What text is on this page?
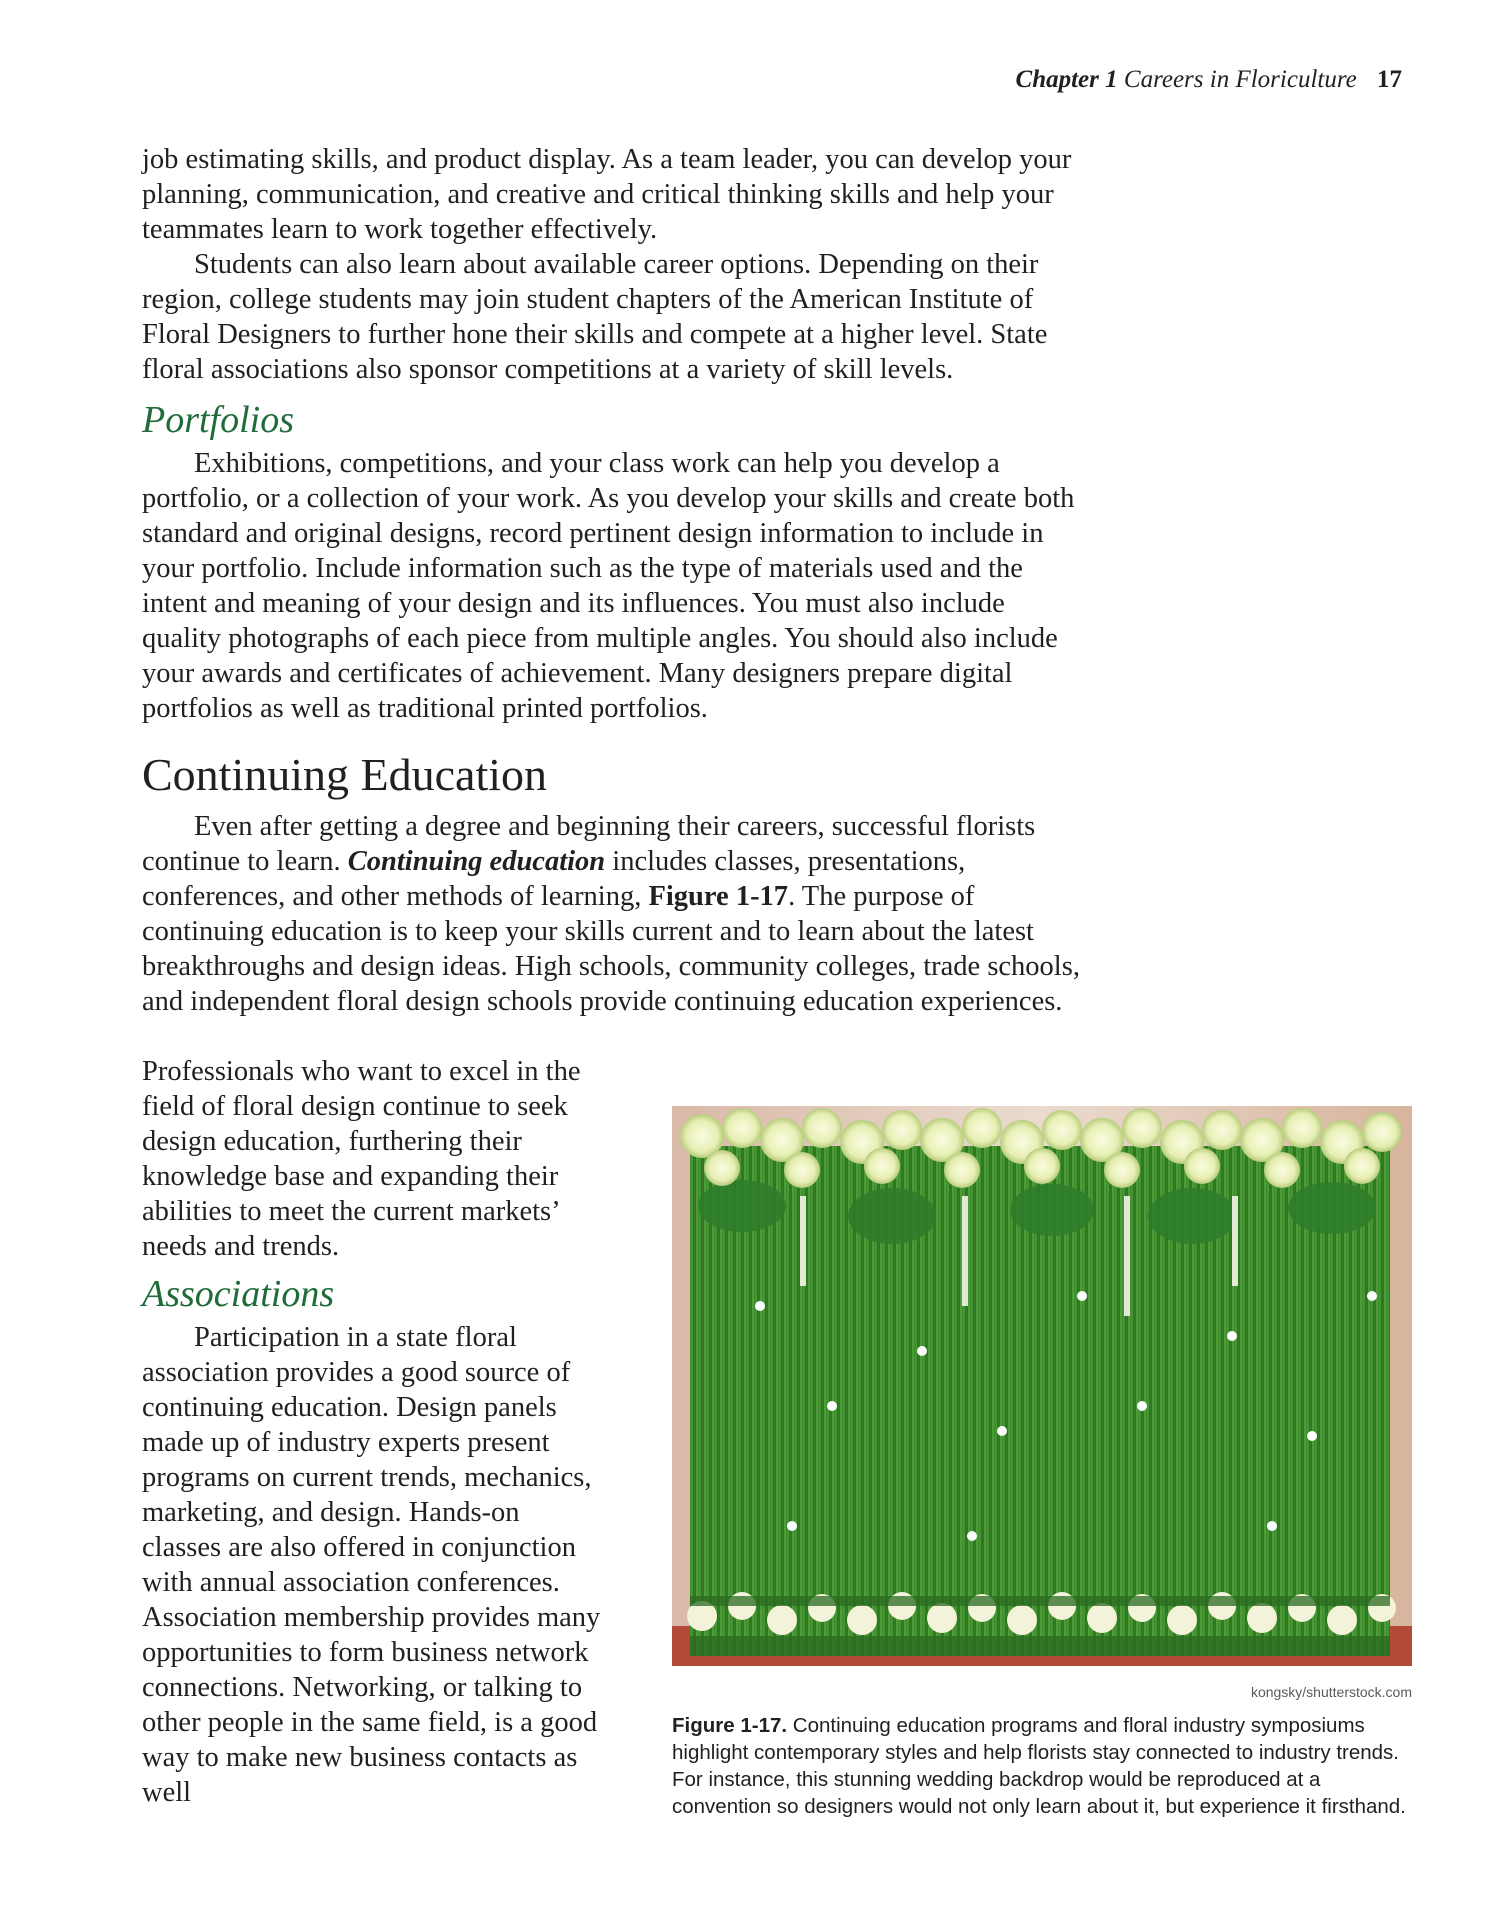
Chapter 1 Careers in Floriculture 17

job estimating skills, and product display. As a team leader, you can develop your planning, communication, and creative and critical thinking skills and help your teammates learn to work together effectively.

Students can also learn about available career options. Depending on their region, college students may join student chapters of the American Institute of Floral Designers to further hone their skills and compete at a higher level. State floral associations also sponsor competitions at a variety of skill levels.

Portfolios

Exhibitions, competitions, and your class work can help you develop a portfolio, or a collection of your work. As you develop your skills and create both standard and original designs, record pertinent design information to include in your portfolio. Include information such as the type of materials used and the intent and meaning of your design and its influences. You must also include quality photographs of each piece from multiple angles. You should also include your awards and certificates of achievement. Many designers prepare digital portfolios as well as traditional printed portfolios.

Continuing Education

Even after getting a degree and beginning their careers, successful florists continue to learn. Continuing education includes classes, presentations, conferences, and other methods of learning, Figure 1-17. The purpose of continuing education is to keep your skills current and to learn about the latest breakthroughs and design ideas. High schools, community colleges, trade schools, and independent floral design schools provide continuing education experiences.

Professionals who want to excel in the field of floral design continue to seek design education, furthering their knowledge base and expanding their abilities to meet the current markets’ needs and trends.

Associations

Participation in a state floral association provides a good source of continuing education. Design panels made up of industry experts present programs on current trends, mechanics, marketing, and design. Hands-on classes are also offered in conjunction with annual association conferences. Association membership provides many opportunities to form business network connections. Networking, or talking to other people in the same field, is a good way to make new business contacts as well

kongsky/shutterstock.com

Figure 1-17. Continuing education programs and floral industry symposiums highlight contemporary styles and help florists stay connected to industry trends. For instance, this stunning wedding backdrop would be reproduced at a convention so designers would not only learn about it, but experience it firsthand.
